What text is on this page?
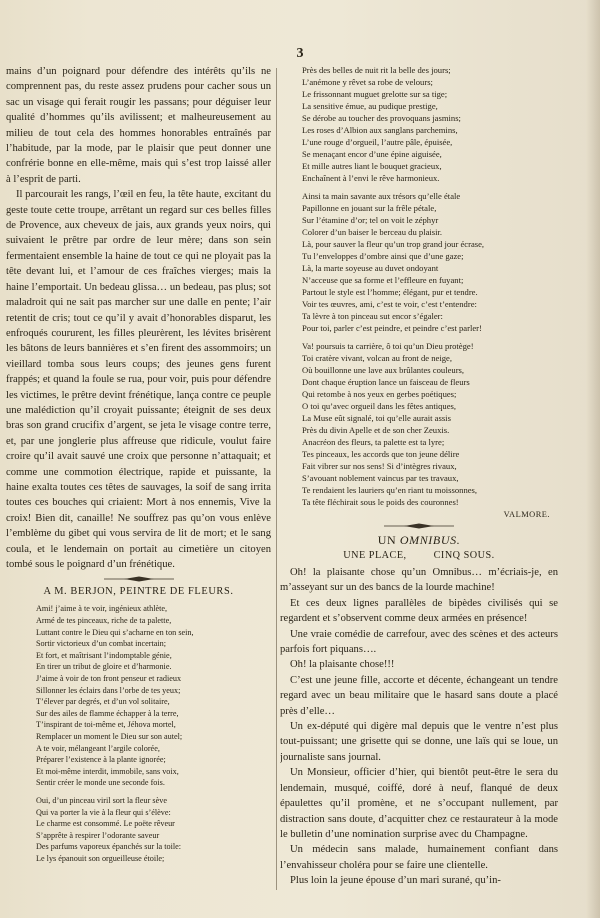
3

mains d’un poignard pour défendre des intérêts qu’ils ne comprennent pas, du reste assez prudens pour cacher sous un sac un visage qui ferait rougir les passans; pour déguiser leur qualité d’hommes qu’ils avilissent; et malheureusement au milieu de tout cela des hommes honorables entraînés par l’habitude, par la mode, par le plaisir que peut donner une confrérie bonne en elle-même, mais qui s’est trop laissé aller à l’esprit de parti.

Il parcourait les rangs, l’œil en feu, la tête haute, excitant du geste toute cette troupe, arrêtant un regard sur ces belles filles de Provence, aux cheveux de jais, aux grands yeux noirs, qui suivaient le prêtre par ordre de leur mère; dans son sein fermentaient ensemble la haine de tout ce qui ne ployait pas la tête devant lui, et l’amour de ces fraîches vierges; mais la haine l’emportait. Un bedeau glissa… un bedeau, pas plus; sot maladroit qui ne sait pas marcher sur une dalle en pente; l’air retentit de cris; tout ce qu’il y avait d’honorables disparut, les enfroqués coururent, les filles pleurèrent, les lévites brisèrent les bâtons de leurs bannières et s’en firent des assommoirs; un vieillard tomba sous leurs coups; des jeunes gens furent frappés; et quand la foule se rua, pour voir, puis pour défendre les victimes, le prêtre devint frénétique, lança contre ce peuple une malédiction qu’il croyait puissante; éteignit de ses deux bras son grand crucifix d’argent, se jeta le visage contre terre, et, par une jonglerie plus affreuse que ridicule, voulut faire croire qu’il avait sauvé une croix que personne n’attaquait; et comme une commotion électrique, rapide et puissante, la haine exalta toutes ces têtes de sauvages, la soif de sang irrita toutes ces bouches qui criaient: Mort à nos ennemis, Vive la croix! Bien dit, canaille! Ne souffrez pas qu’on vous enlève l’emblème du gibet qui vous servira de lit de mort; et le sang coula, et le lendemain on portait au cimetière un citoyen tombé sous le poignard d’un frénétique.

A M. BERJON, PEINTRE DE FLEURS.
Ami! j’aime à te voir, ingénieux athlète,
Armé de tes pinceaux, riche de ta palette,
Luttant contre le Dieu qui s’acharne en ton sein,
Sortir victorieux d’un combat incertain;
Et fort, et maîtrisant l’indomptable génie,
En tirer un tribut de gloire et d’harmonie.
J’aime à voir de ton front penseur et radieux
Sillonner les éclairs dans l’orbe de tes yeux;
T’élever par degrés, et d’un vol solitaire,
Sur des ailes de flamme échapper à la terre,
T’inspirant de toi-même et, Jéhova mortel,
Remplacer un moment le Dieu sur son autel;
A te voir, mélangeant l’argile colorée,
Préparer l’existence à la plante ignorée;
Et moi-même interdit, immobile, sans voix,
Sentir créer le monde une seconde fois.
Oui, d’un pinceau viril sort la fleur sève
Qui va porter la vie à la fleur qui s’élève:
Le charme est consommé. Le poëte rêveur
S’apprête à respirer l’odorante saveur
Des parfums vaporeux épanchés sur la toile:
Le lys épanouit son orgueilleuse étoile;
Près des belles de nuit rit la belle des jours;
L’anémone y rêvet sa robe de velours;
Le frissonnant muguet grelotte sur sa tige;
La sensitive émue, au pudique prestige,
Se dérobe au toucher des provoquans jasmins;
Les roses d’Albion aux sanglans parchemins,
L’une rouge d’orgueil, l’autre pâle, épuisée,
Se menaçant encor d’une épine aiguisée,
Et mille autres liant le bouquet gracieux,
Enchaînent à l’envi le rêve harmonieux.
Ainsi ta main savante aux trésors qu’elle étale
Papillonne en jouant sur la frêle pétale,
Sur l’étamine d’or; tel on voit le zéphyr
Colorer d’un baiser le berceau du plaisir.
Là, pour sauver la fleur qu’un trop grand jour écrase,
Tu l’enveloppes d’ombre ainsi que d’une gaze;
Là, la marte soyeuse au duvet ondoyant
N’acceuse que sa forme et l’effleure en fuyant;
Partout le style est l’homme; élégant, pur et tendre.
Voir tes œuvres, ami, c’est te voir, c’est t’entendre:
Ta lèvre à ton pinceau sut encor s’égaler:
Pour toi, parler c’est peindre, et peindre c’est parler!
Va! poursuis ta carrière, ô toi qu’un Dieu protège!
Toi cratère vivant, volcan au front de neige,
Où bouillonne une lave aux brûlantes couleurs,
Dont chaque éruption lance un faisceau de fleurs
Qui retombe à nos yeux en gerbes poétiques;
O toi qu’avec orgueil dans les fêtes antiques,
La Muse eût signalé, toi qu’elle aurait assis
Près du divin Apelle et de son cher Zeuxis.
Anacréon des fleurs, ta palette est ta lyre;
Tes pinceaux, les accords que ton jeune délire
Fait vibrer sur nos sens! Si d’intègres rivaux,
S’avouant noblement vaincus par tes travaux,
Te rendaient les lauriers qu’en riant tu moissonnes,
Ta tête fléchirait sous le poids des couronnes!
VALMORE.
UN OMNIBUS.
UNE PLACE,	CINQ SOUS.

Oh! la plaisante chose qu’un Omnibus… m’écriais-je, en m’asseyant sur un des bancs de la lourde machine!

Et ces deux lignes parallèles de bipèdes civilisés qui se regardent et s’observent comme deux armées en présence!

Une vraie comédie de carrefour, avec des scènes et des acteurs parfois fort piquans….

Oh! la plaisante chose!!!

C’est une jeune fille, accorte et décente, échangeant un tendre regard avec un beau militaire que le hasard sans doute a placé près d’elle…

Un ex-député qui digère mal depuis que le ventre n’est plus tout-puissant; une grisette qui se donne, une laïs qui se loue, un journaliste sans journal.

Un Monsieur, officier d’hier, qui bientôt peut-être le sera du lendemain, musqué, coiffé, doré à neuf, flanqué de deux épaulettes qu’il promène, et ne s’occupant nullement, par distraction sans doute, d’acquitter chez ce restaurateur à la mode le bulletin d’une nomination surprise avec du Champagne.

Un médecin sans malade, humainement confiant dans l’envahisseur choléra pour se faire une clientelle.

Plus loin la jeune épouse d’un mari surané, qu’in-
